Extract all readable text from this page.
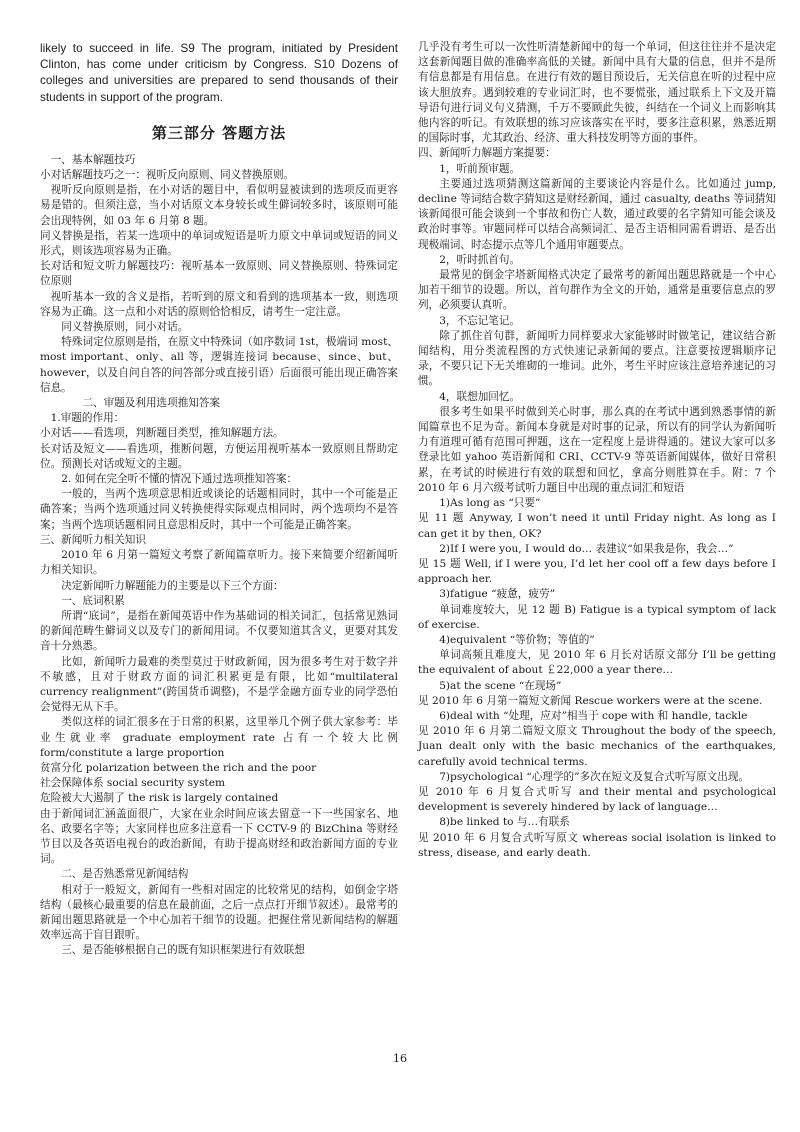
likely to succeed in life. S9 The program, initiated by President Clinton, has come under criticism by Congress. S10 Dozens of colleges and universities are prepared to send thousands of their students in support of the program.

第三部分 答题方法

一、基本解题技巧

小对话解题技巧之一：视听反向原则、同义替换原则。

视听反向原则是指，在小对话的题目中，看似明显被读到的选项反而更容易是错的。但须注意，当小对话原文本身较长或生僻词较多时，该原则可能会出现特例，如 03 年 6 月第 8 题。

同义替换是指，若某一选项中的单词或短语是听力原文中单词或短语的同义形式，则该选项容易为正确。

长对话和短文听力解题技巧：视听基本一致原则、同义替换原则、特殊词定位原则

视听基本一致的含义是指，若听到的原文和看到的选项基本一致，则选项容易为正确。这一点和小对话的原则恰恰相反，请考生一定注意。

同义替换原则，同小对话。

特殊词定位原则是指，在原文中特殊词（如序数词 1st，极端词 most、most important、only、all 等，逻辑连接词 because、since、but、however，以及自问自答的问答部分或直接引语）后面很可能出现正确答案信息。

二、审题及利用选项推知答案

1.审题的作用：

小对话——看选项，判断题目类型，推知解题方法。

长对话及短文——看选项，推断问题，方便运用视听基本一致原则且帮助定位。预测长对话或短文的主题。

2. 如何在完全听不懂的情况下通过选项推知答案：

一般的，当两个选项意思相近或谈论的话题相同时，其中一个可能是正确答案；当两个选项通过同义转换使得实际观点相同时，两个选项均不是答案；当两个选项话题相同且意思相反时，其中一个可能是正确答案。

三、新闻听力相关知识

2010 年 6 月第一篇短文考察了新闻篇章听力。接下来简要介绍新闻听力相关知识。

决定新闻听力解题能力的主要是以下三个方面：

一、底词积累

所谓“底词”，是指在新闻英语中作为基础词的相关词汇，包括常见熟词的新闻范畴生僻词义以及专门的新闻用词。不仅要知道其含义，更要对其发音十分熟悉。

比如，新闻听力最难的类型莫过于财政新闻，因为很多考生对于数字并不敏感，且对于财政方面的词汇积累更是有限，比如“multilateral currency realignment”(跨国货币调整)，不是学金融方面专业的同学恐怕会觉得无从下手。

类似这样的词汇很多在于日常的积累，这里举几个例子供大家参考：毕业生就业率 graduate employment rate 占有一个较大比例 form/constitute a large proportion

贫富分化 polarization between the rich and the poor

社会保障体系 social security system

危险被大大遏制了 the risk is largely contained

由于新闻词汇涵盖面很广，大家在业余时间应该去留意一下一些国家名、地名、政要名字等；大家同样也应多注意看一下 CCTV-9 的 BizChina 等财经节目以及各英语电视台的政治新闻，有助于提高财经和政治新闻方面的专业词。

二、是否熟悉常见新闻结构

相对于一般短文，新闻有一些相对固定的比较常见的结构，如倒金字塔结构（最核心最重要的信息在最前面，之后一点点打开细节叙述）。最常考的新闻出题思路就是一个中心加若干细节的设题。把握住常见新闻结构的解题效率远高于盲目跟听。

三、是否能够根据自己的既有知识框架进行有效联想

几乎没有考生可以一次性听清楚新闻中的每一个单词，但这往往并不是决定这套新闻题目做的准确率高低的关键。新闻中具有大量的信息，但并不是所有信息都是有用信息。在进行有效的题目预设后，无关信息在听的过程中应该大胆放弃。遇到较难的专业词汇时，也不要慌张，通过联系上下文及开篇导语句进行词义句义猜测，千万不要顾此失彼，纠结在一个词义上而影响其他内容的听记。有效联想的练习应该落实在平时，要多注意积累，熟悉近期的国际时事，尤其政治、经济、重大科技发明等方面的事件。

四、新闻听力解题方案提要：

1，听前预审题。

主要通过选项猜测这篇新闻的主要谈论内容是什么。比如通过 jump, decline 等词结合数字猜知这是财经新闻，通过 casualty, deaths 等词猜知该新闻很可能会谈到一个事故和伤亡人数，通过政要的名字猜知可能会谈及政治时事等。审题同样可以结合高频词汇、是否主语相同需看谓语、是否出现极端词、时态提示点等几个通用审题要点。

2，听时抓首句。

最常见的倒金字塔新闻格式决定了最常考的新闻出题思路就是一个中心加若干细节的设题。所以，首句群作为全文的开始，通常是重要信息点的罗列，必须要认真听。

3，不忘记笔记。

除了抓住首句群，新闻听力同样要求大家能够时时做笔记，建议结合新闻结构，用分类流程图的方式快速记录新闻的要点。注意要按逻辑顺序记录，不要只记下无关堆砌的一堆词。此外，考生平时应该注意培养速记的习惯。

4，联想加回忆。

很多考生如果平时做到关心时事，那么真的在考试中遇到熟悉事情的新闻篇章也不足为奇。新闻本身就是对时事的记录，所以有的同学认为新闻听力有道理可循有范围可押题，这在一定程度上是讲得通的。建议大家可以多登录比如 yahoo 英语新闻和 CRI、CCTV-9 等英语新闻媒体，做好日常积累，在考试的时候进行有效的联想和回忆，拿高分则胜算在手。附：7 个 2010 年 6 月六级考试听力题目中出现的重点词汇和短语

1)As long as “只要”

见 11 题 Anyway, I won’t need it until Friday night. As long as I can get it by then, OK?

2)If I were you, I would do… 表建议“如果我是你，我会…”

见 15 题 Well, if I were you, I’d let her cool off a few days before I approach her.

3)fatigue “疲惫，疲劳”

单词难度较大，见 12 题 B) Fatigue is a typical symptom of lack of exercise.

4)equivalent “等价物；等值的”

单词高频且难度大，见 2010 年 6 月长对话原文部分 I’ll be getting the equivalent of about ￡22,000 a year there…

5)at the scene “在现场”

见 2010 年 6 月第一篇短文新闻 Rescue workers were at the scene.

6)deal with “处理，应对”相当于 cope with 和 handle, tackle

见 2010 年 6 月第二篇短文原文 Throughout the body of the speech, Juan dealt only with the basic mechanics of the earthquakes, carefully avoid technical terms.

7)psychological “心理学的”多次在短文及复合式听写原文出现。

见 2010 年 6 月复合式听写 and their mental and psychological development is severely hindered by lack of language…

8)be linked to 与…有联系

见 2010 年 6 月复合式听写原文 whereas social isolation is linked to stress, disease, and early death.

16
